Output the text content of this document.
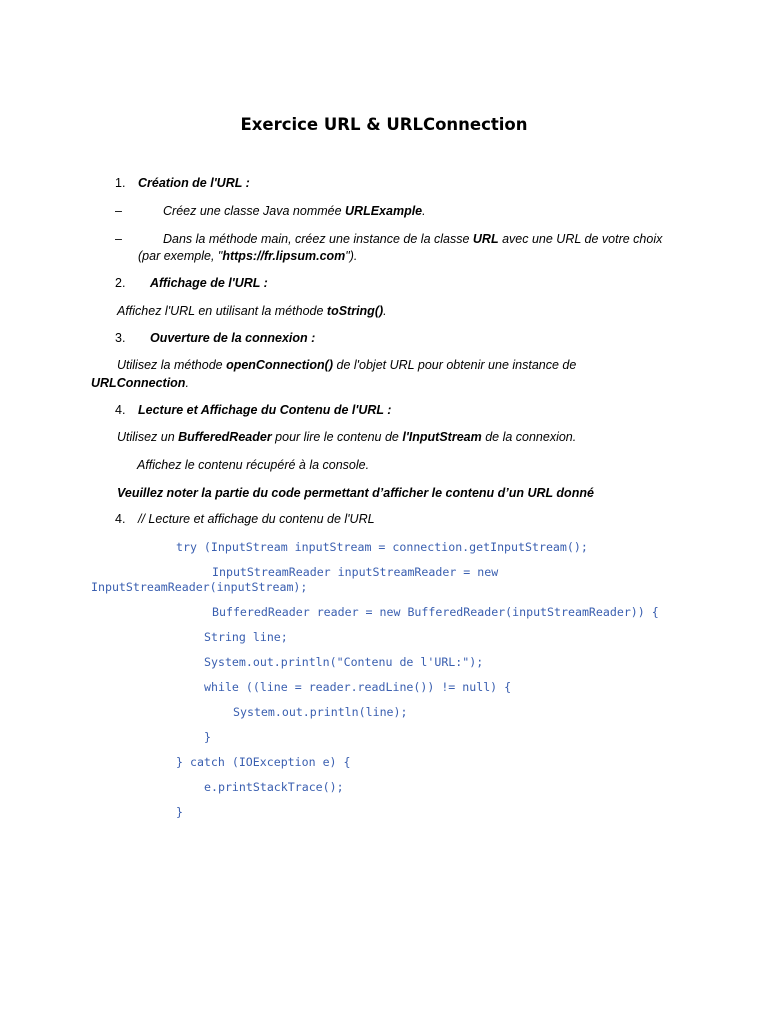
Exercice URL & URLConnection
1. Création de l'URL :
–	Créez une classe Java nommée URLExample.
–	Dans la méthode main, créez une instance de la classe URL avec une URL de votre choix
(par exemple, "https://fr.lipsum.com").
2. Affichage de l'URL :
Affichez l'URL en utilisant la méthode toString().
3. Ouverture de la connexion :
Utilisez la méthode openConnection() de l'objet URL pour obtenir une instance de
URLConnection.
4. Lecture et Affichage du Contenu de l'URL :
Utilisez un BufferedReader pour lire le contenu de l'InputStream de la connexion.
Affichez le contenu récupéré à la console.
Veuillez noter la partie du code permettant d’afficher le contenu d’un URL donné
4. // Lecture et affichage du contenu de l'URL
try (InputStream inputStream = connection.getInputStream();
InputStreamReader inputStreamReader = new
InputStreamReader(inputStream);
BufferedReader reader = new BufferedReader(inputStreamReader)) {
String line;
System.out.println("Contenu de l'URL:");
while ((line = reader.readLine()) != null) {
System.out.println(line);
}
} catch (IOException e) {
e.printStackTrace();
}
